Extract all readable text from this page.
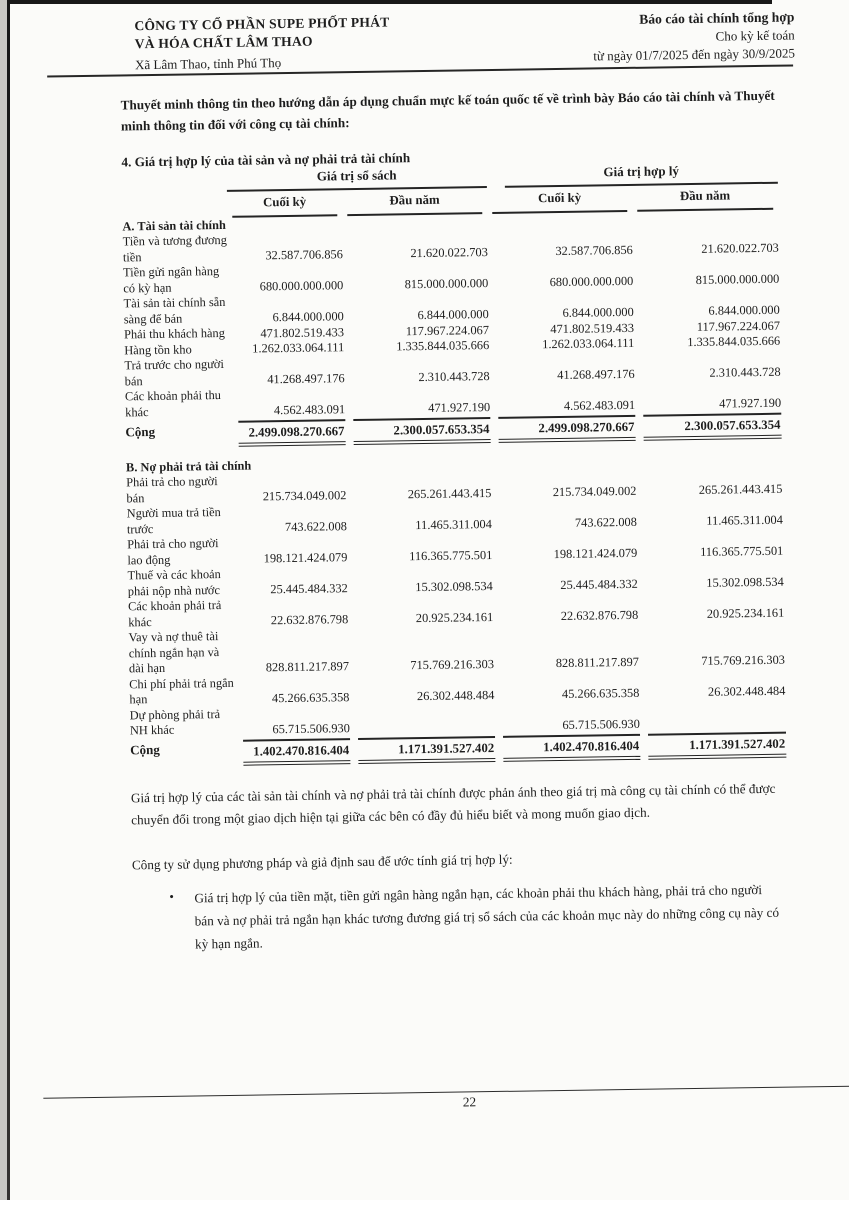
CÔNG TY CỔ PHẦN SUPE PHỐT PHÁT
VÀ HÓA CHẤT LÂM THAO
Xã Lâm Thao, tỉnh Phú Thọ
Báo cáo tài chính tổng hợp
Cho kỳ kế toán
từ ngày 01/7/2025 đến ngày 30/9/2025

Thuyết minh thông tin theo hướng dẫn áp dụng chuẩn mực kế toán quốc tế về trình bày Báo cáo tài chính và Thuyết minh thông tin đối với công cụ tài chính:

4. Giá trị hợp lý của tài sản và nợ phải trả tài chính

	Giá trị sổ sách		Giá trị hợp lý	

	Cuối kỳ	Đầu năm	Cuối kỳ	Đầu năm

A. Tài sản tài chính				
Tiền và tương đương tiền	32.587.706.856	21.620.022.703	32.587.706.856	21.620.022.703
Tiền gửi ngân hàng có kỳ hạn	680.000.000.000	815.000.000.000	680.000.000.000	815.000.000.000
Tài sản tài chính sẵn sàng để bán	6.844.000.000	6.844.000.000	6.844.000.000	6.844.000.000
Phải thu khách hàng	471.802.519.433	117.967.224.067	471.802.519.433	117.967.224.067
Hàng tồn kho	1.262.033.064.111	1.335.844.035.666	1.262.033.064.111	1.335.844.035.666
Trả trước cho người bán	41.268.497.176	2.310.443.728	41.268.497.176	2.310.443.728
Các khoản phải thu khác	4.562.483.091	471.927.190	4.562.483.091	471.927.190
Cộng	2.499.098.270.667	2.300.057.653.354	2.499.098.270.667	2.300.057.653.354

B. Nợ phải trả tài chính				
Phải trả cho người bán	215.734.049.002	265.261.443.415	215.734.049.002	265.261.443.415
Người mua trả tiền trước	743.622.008	11.465.311.004	743.622.008	11.465.311.004
Phải trả cho người lao động	198.121.424.079	116.365.775.501	198.121.424.079	116.365.775.501
Thuế và các khoản phải nộp nhà nước	25.445.484.332	15.302.098.534	25.445.484.332	15.302.098.534
Các khoản phải trả khác	22.632.876.798	20.925.234.161	22.632.876.798	20.925.234.161
Vay và nợ thuê tài chính ngắn hạn và dài hạn	828.811.217.897	715.769.216.303	828.811.217.897	715.769.216.303
Chi phí phải trả ngắn hạn	45.266.635.358	26.302.448.484	45.266.635.358	26.302.448.484
Dự phòng phải trả NH khác	65.715.506.930		65.715.506.930	
Cộng	1.402.470.816.404	1.171.391.527.402	1.402.470.816.404	1.171.391.527.402

Giá trị hợp lý của các tài sản tài chính và nợ phải trả tài chính được phản ánh theo giá trị mà công cụ tài chính có thể được chuyển đổi trong một giao dịch hiện tại giữa các bên có đầy đủ hiểu biết và mong muốn giao dịch.

Công ty sử dụng phương pháp và giả định sau để ước tính giá trị hợp lý:

•	Giá trị hợp lý của tiền mặt, tiền gửi ngân hàng ngắn hạn, các khoản phải thu khách hàng, phải trả cho người bán và nợ phải trả ngắn hạn khác tương đương giá trị sổ sách của các khoản mục này do những công cụ này có kỳ hạn ngắn.
22
